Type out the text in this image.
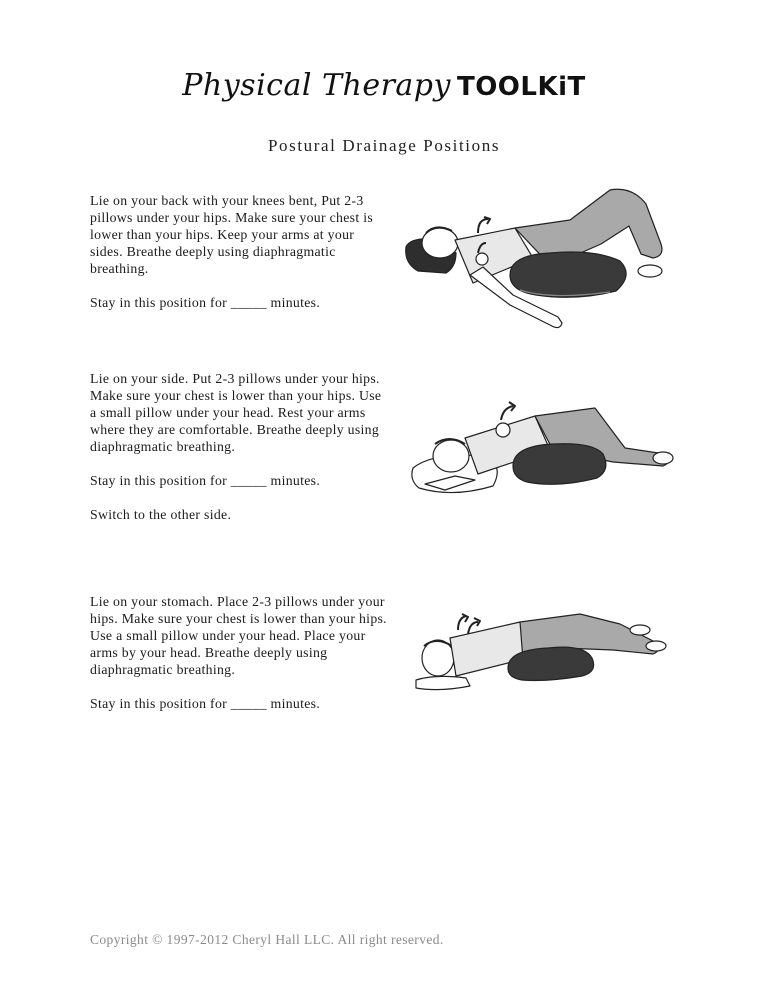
Physical Therapy TOOLKiT
Postural Drainage Positions

Lie on your back with your knees bent, Put 2-3 pillows under your hips. Make sure your chest is lower than your hips. Keep your arms at your sides. Breathe deeply using diaphragmatic breathing.

Stay in this position for _____ minutes.

Lie on your side. Put 2-3 pillows under your hips. Make sure your chest is lower than your hips. Use a small pillow under your head. Rest your arms where they are comfortable. Breathe deeply using diaphragmatic breathing.

Stay in this position for _____ minutes.

Switch to the other side.

Lie on your stomach. Place 2-3 pillows under your hips. Make sure your chest is lower than your hips. Use a small pillow under your head. Place your arms by your head. Breathe deeply using diaphragmatic breathing.

Stay in this position for _____ minutes.

Copyright © 1997-2012 Cheryl Hall LLC. All right reserved.
